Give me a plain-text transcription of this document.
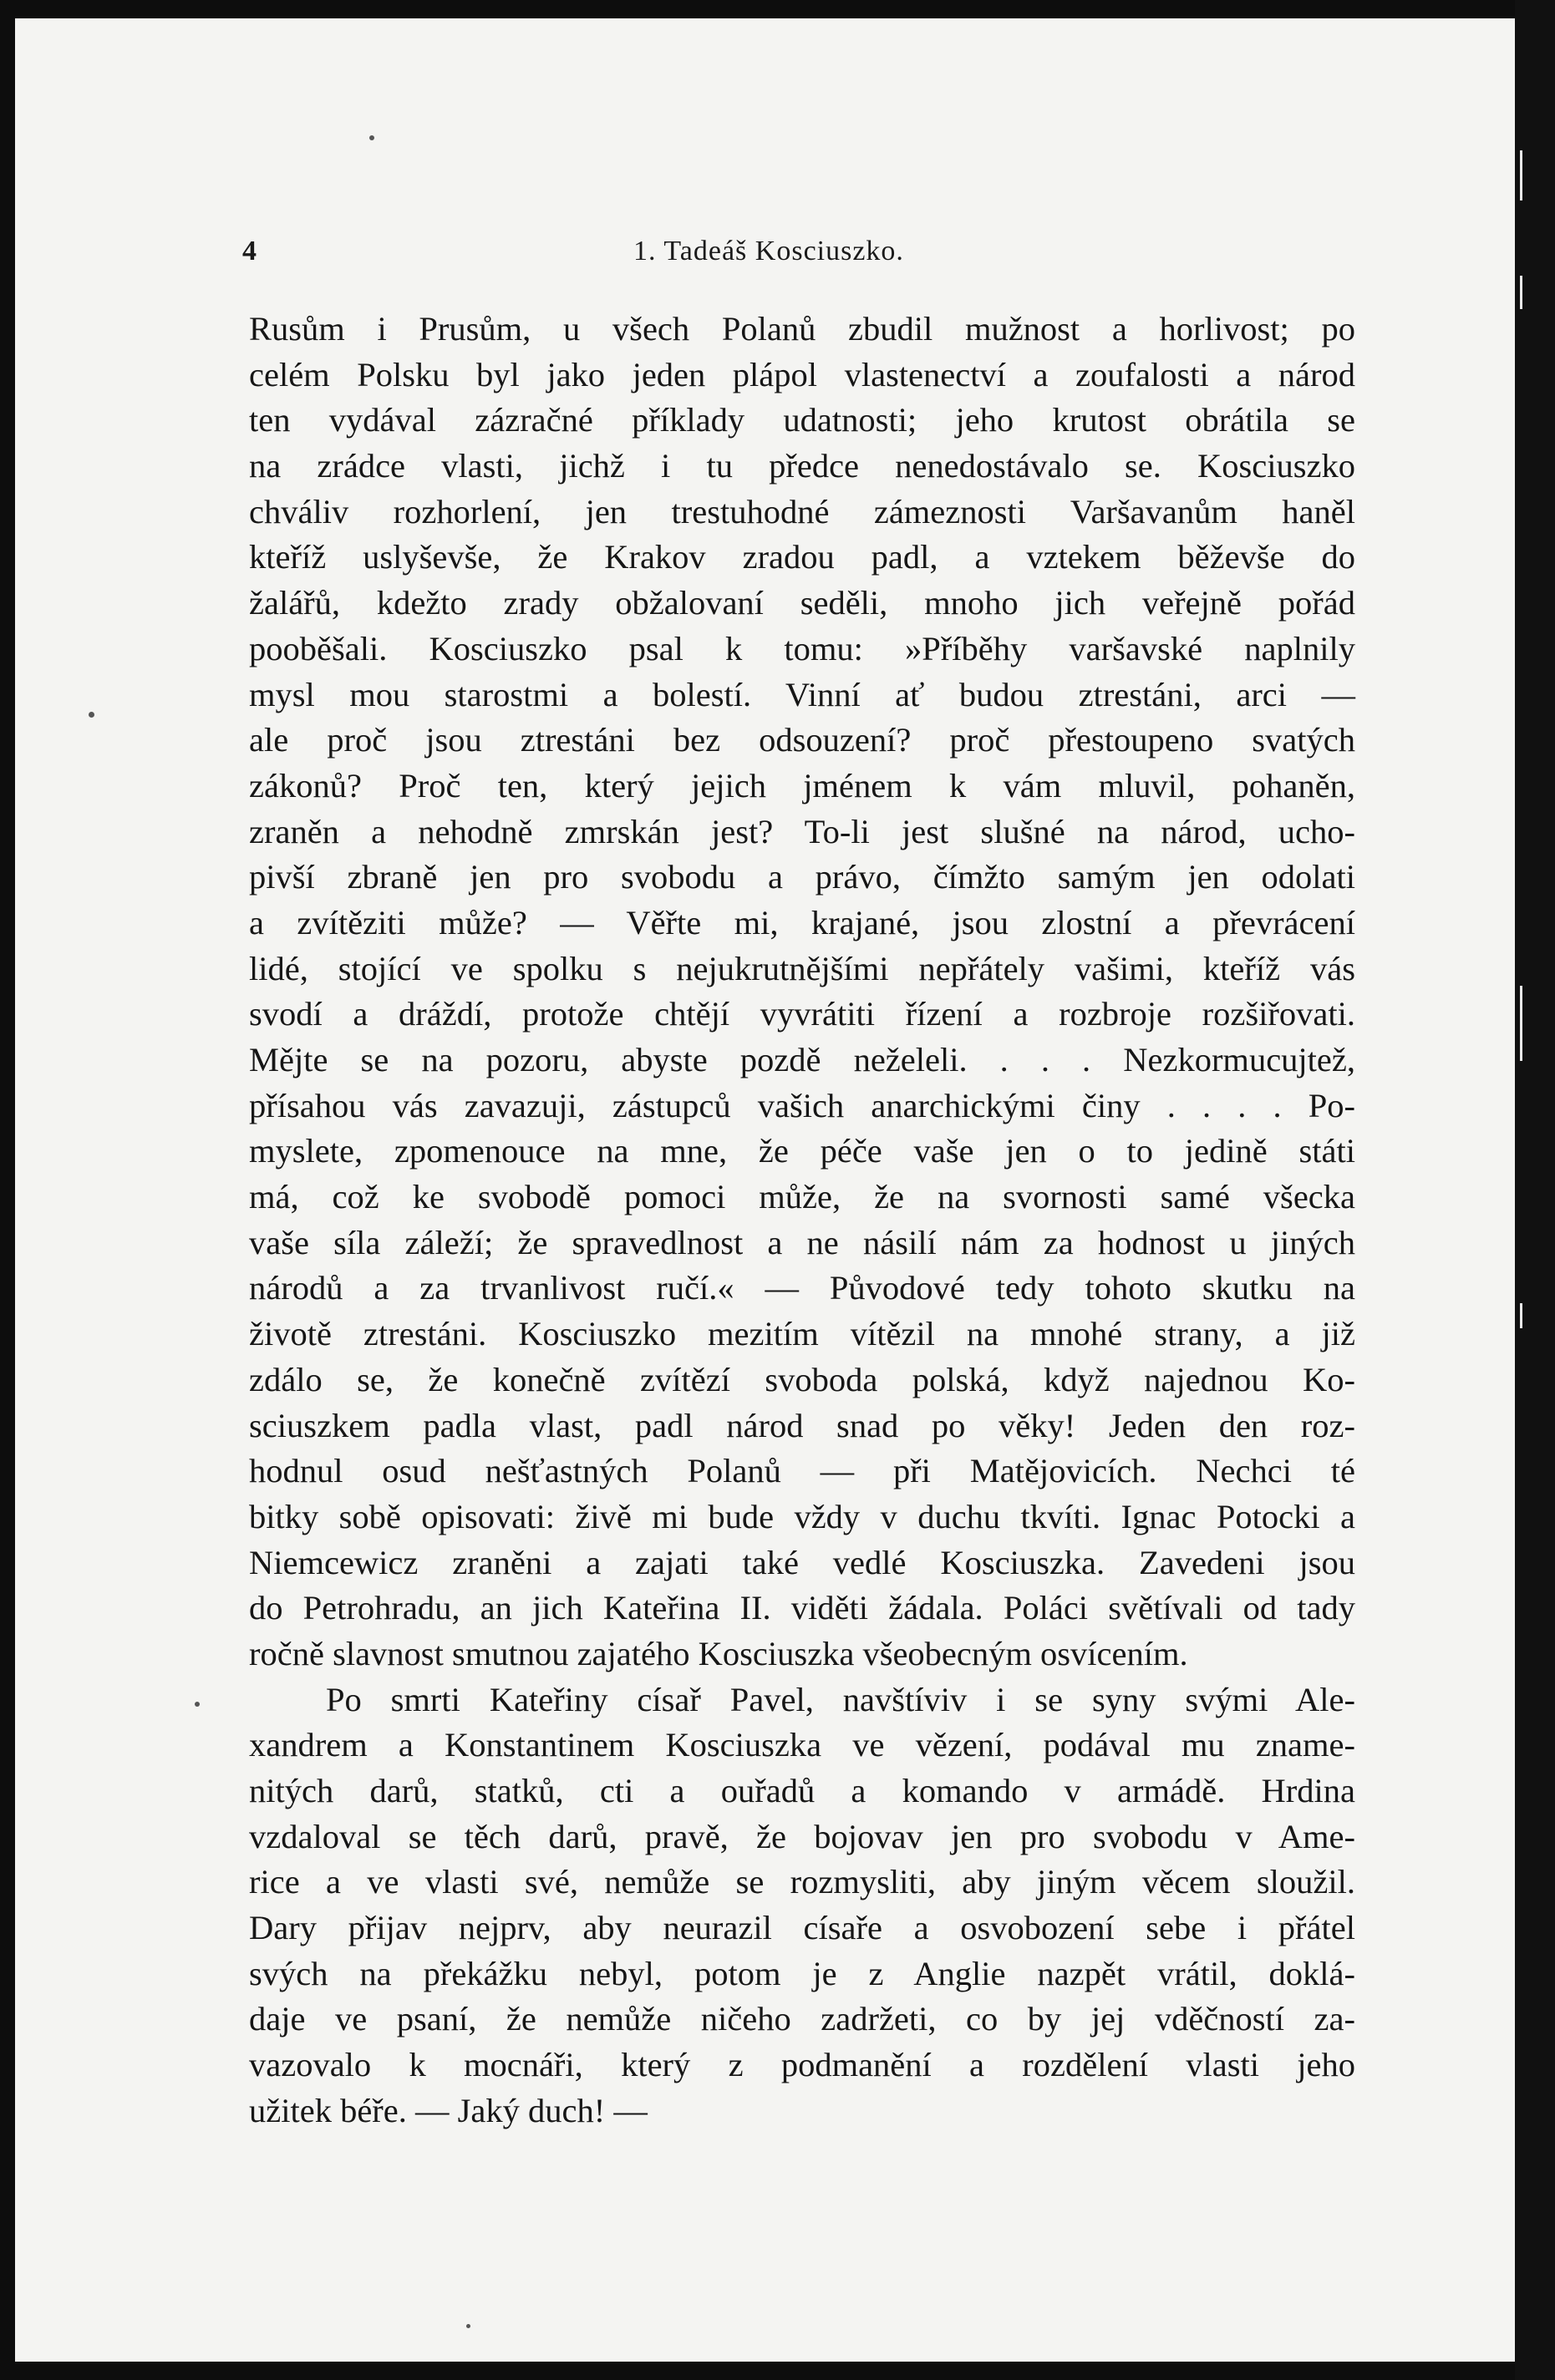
4	1. Tadeáš Kosciuszko.
Rusům i Prusům, u všech Polanů zbudil mužnost a horlivost; po
celém Polsku byl jako jeden plápol vlastenectví a zoufalosti a národ
ten vydával zázračné příklady udatnosti; jeho krutost obrátila se
na zrádce vlasti, jichž i tu předce nenedostávalo se. Kosciuszko
chváliv rozhorlení, jen trestuhodné zámeznosti Varšavanům haněl
kteříž uslyševše, že Krakov zradou padl, a vztekem běževše do
žalářů, kdežto zrady obžalovaní seděli, mnoho jich veřejně pořád
pooběšali. Kosciuszko psal k tomu: »Příběhy varšavské naplnily
mysl mou starostmi a bolestí. Vinní ať budou ztrestáni, arci —
ale proč jsou ztrestáni bez odsouzení? proč přestoupeno svatých
zákonů? Proč ten, který jejich jménem k vám mluvil, pohaněn,
zraněn a nehodně zmrskán jest? To-li jest slušné na národ, ucho-
pivší zbraně jen pro svobodu a právo, čímžto samým jen odolati
a zvítěziti může? — Věřte mi, krajané, jsou zlostní a převrácení
lidé, stojící ve spolku s nejukrutnějšími nepřátely vašimi, kteříž vás
svodí a dráždí, protože chtějí vyvrátiti řízení a rozbroje rozšiřovati.
Mějte se na pozoru, abyste pozdě neželeli. . . . Nezkormucujtež,
přísahou vás zavazuji, zástupců vašich anarchickými činy . . . . Po-
myslete, zpomenouce na mne, že péče vaše jen o to jedině státi
má, což ke svobodě pomoci může, že na svornosti samé všecka
vaše síla záleží; že spravedlnost a ne násilí nám za hodnost u jiných
národů a za trvanlivost ručí.« — Původové tedy tohoto skutku na
životě ztrestáni. Kosciuszko mezitím vítězil na mnohé strany, a již
zdálo se, že konečně zvítězí svoboda polská, když najednou Ko-
sciuszkem padla vlast, padl národ snad po věky! Jeden den roz-
hodnul osud nešťastných Polanů — při Matějovicích. Nechci té
bitky sobě opisovati: živě mi bude vždy v duchu tkvíti. Ignac Potocki a
Niemcewicz zraněni a zajati také vedlé Kosciuszka. Zavedeni jsou
do Petrohradu, an jich Kateřina II. viděti žádala. Poláci světívali od tady
ročně slavnost smutnou zajatého Kosciuszka všeobecným osvícením.
Po smrti Kateřiny císař Pavel, navštíviv i se syny svými Ale-
xandrem a Konstantinem Kosciuszka ve vězení, podával mu zname-
nitých darů, statků, cti a ouřadů a komando v armádě. Hrdina
vzdaloval se těch darů, pravě, že bojovav jen pro svobodu v Ame-
rice a ve vlasti své, nemůže se rozmysliti, aby jiným věcem sloužil.
Dary přijav nejprv, aby neurazil císaře a osvobození sebe i přátel
svých na překážku nebyl, potom je z Anglie nazpět vrátil, doklá-
daje ve psaní, že nemůže ničeho zadržeti, co by jej vděčností za-
vazovalo k mocnáři, který z podmanění a rozdělení vlasti jeho
užitek béře. — Jaký duch! —
